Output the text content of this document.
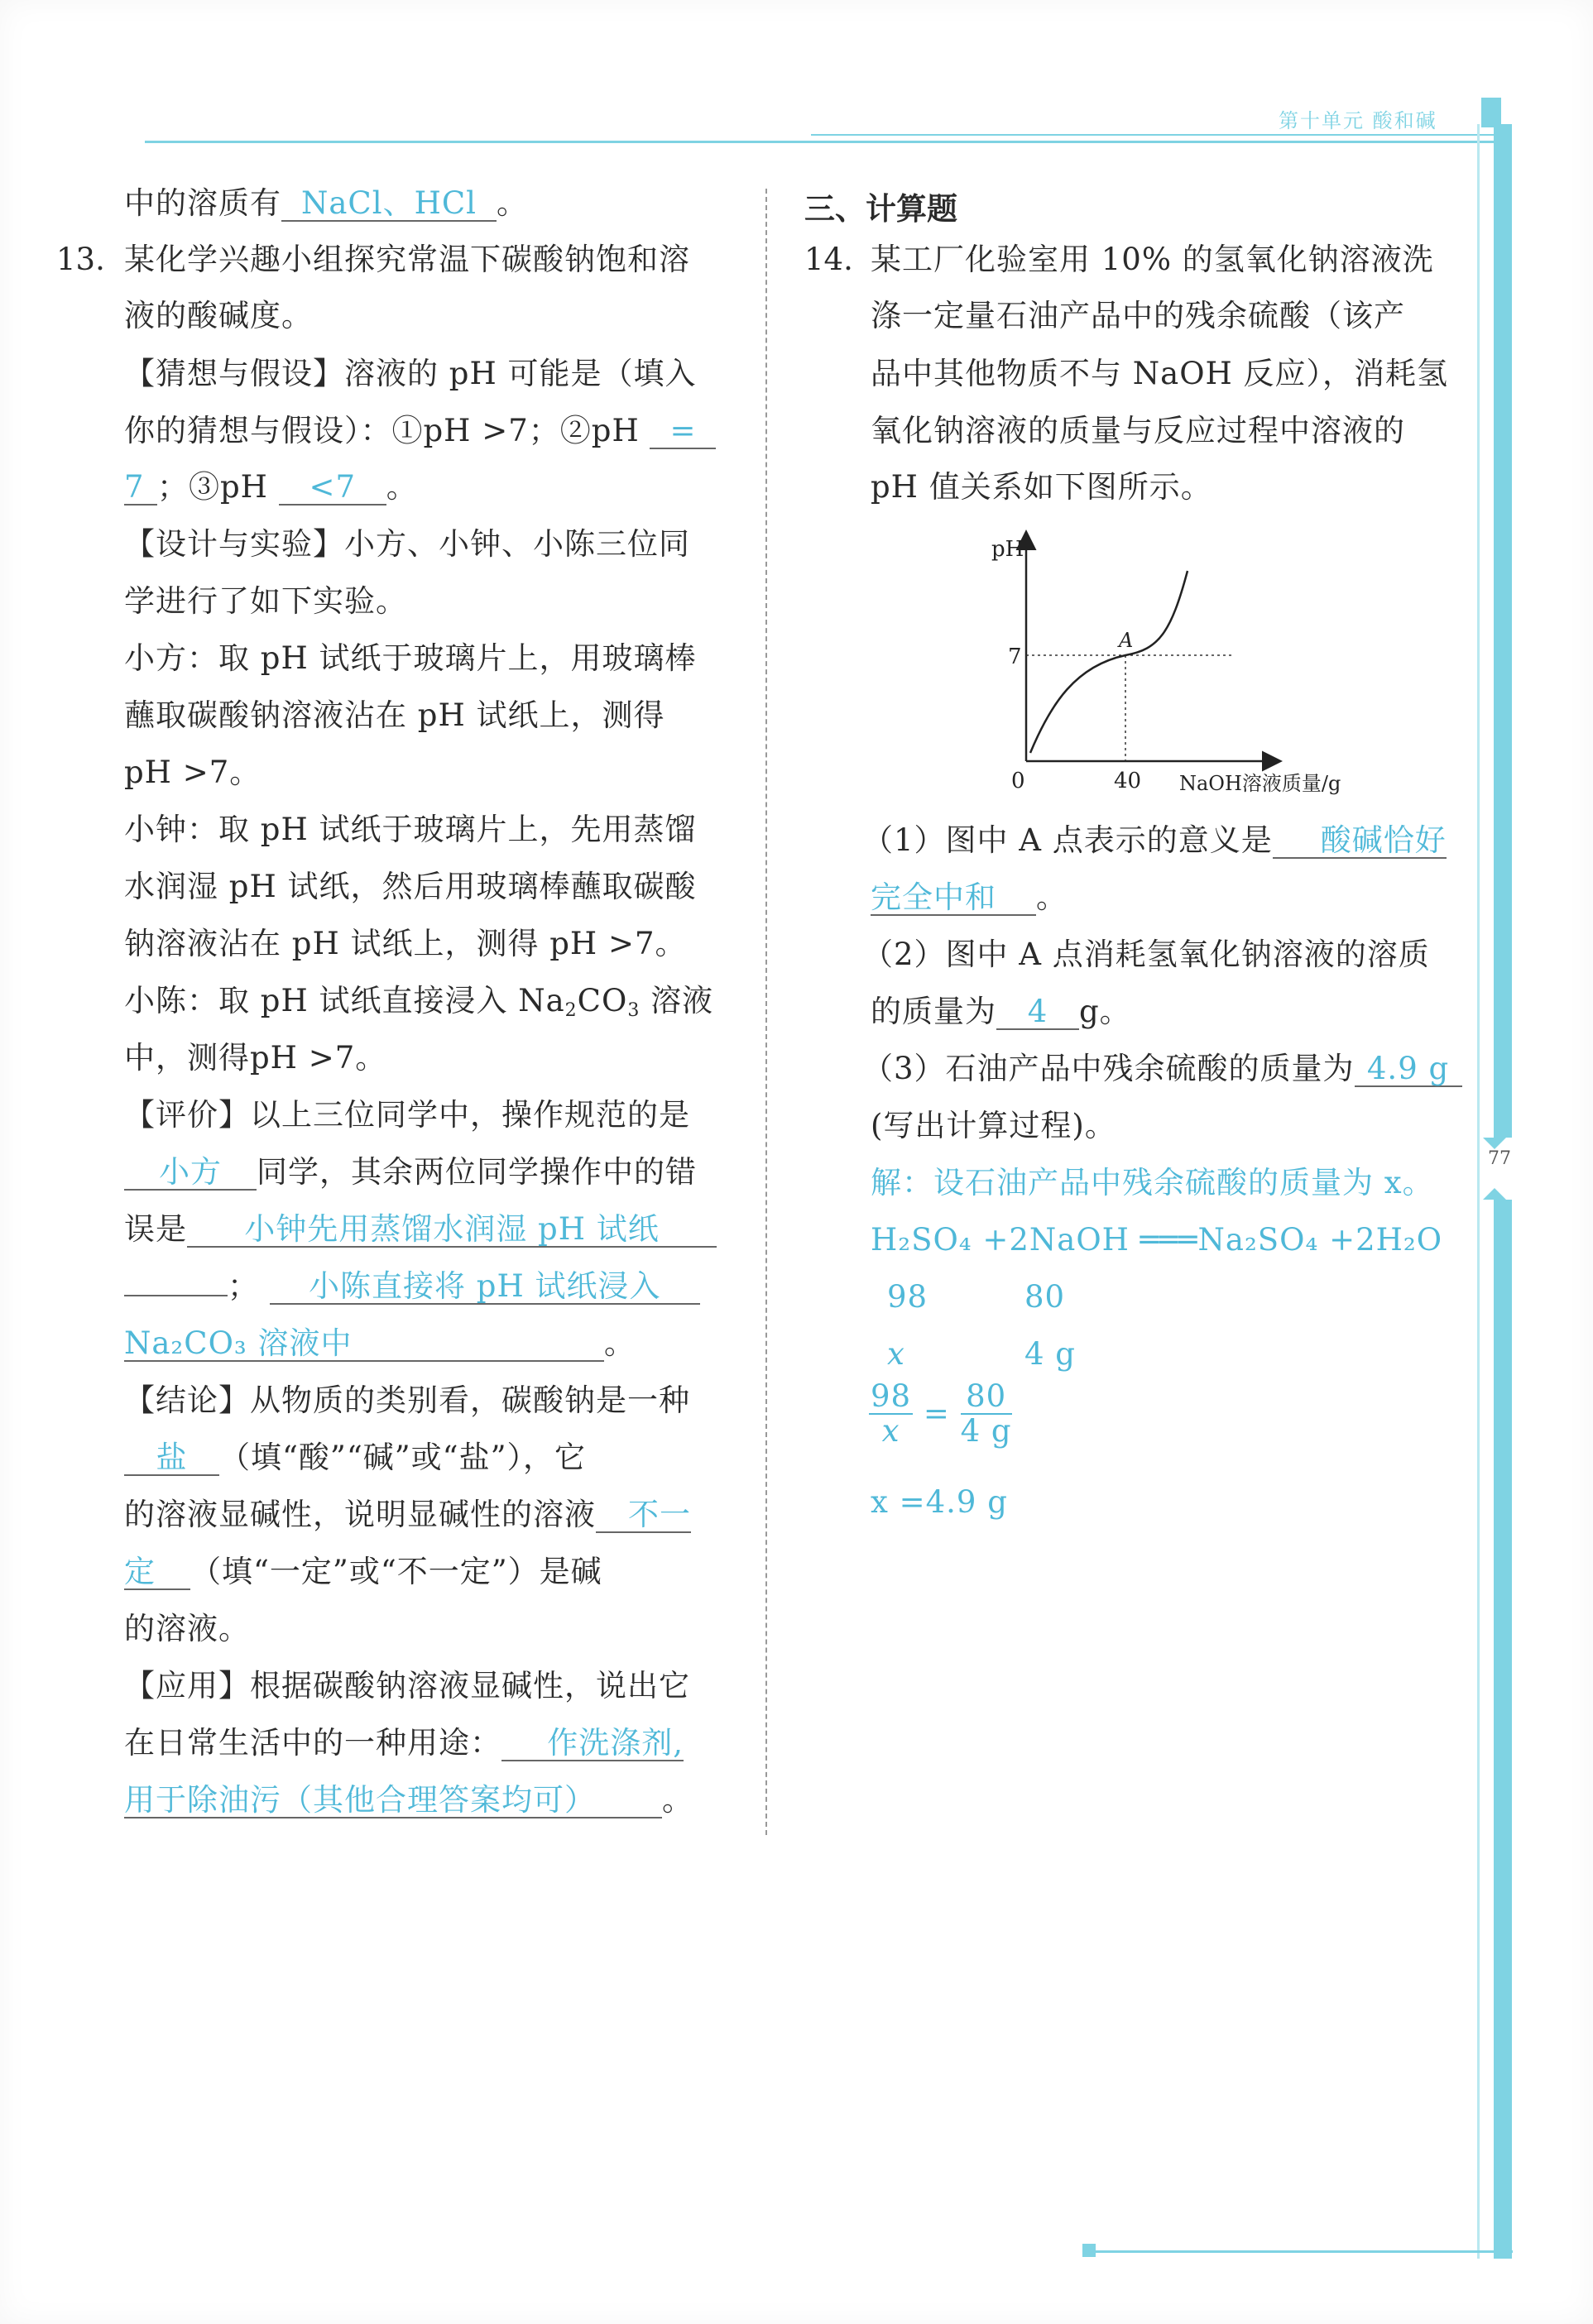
第十单元 酸和碱
77
中的溶质有 NaCl、HCl 。
13. 某化学兴趣小组探究常温下碳酸钠饱和溶
液的酸碱度。
【猜想与假设】溶液的 pH 可能是（填入
你的猜想与假设）：①pH >7；②pH =
7 ；③pH <7 。
【设计与实验】小方、小钟、小陈三位同
学进行了如下实验。
小方：取 pH 试纸于玻璃片上，用玻璃棒
蘸取碳酸钠溶液沾在 pH 试纸上，测得
pH >7。
小钟：取 pH 试纸于玻璃片上，先用蒸馏
水润湿 pH 试纸，然后用玻璃棒蘸取碳酸
钠溶液沾在 pH 试纸上，测得 pH >7。
小陈：取 pH 试纸直接浸入 $Na_2CO_3$ 溶液
中，测得pH >7。
【评价】以上三位同学中，操作规范的是
小方 同学，其余两位同学操作中的错
误是 小钟先用蒸馏水润湿 pH 试纸
； 小陈直接将 pH 试纸浸入
Na₂CO₃ 溶液中	。
【结论】从物质的类别看，碳酸钠是一种
盐 （填“酸”“碱”或“盐”），它
的溶液显碱性，说明显碱性的溶液 不一
定 （填“一定”或“不一定”）是碱
的溶液。
【应用】根据碳酸钠溶液显碱性，说出它
在日常生活中的一种用途： 作洗涤剂,
用于除油污（其他合理答案均可） 。
三、计算题
14. 某工厂化验室用 10% 的氢氧化钠溶液洗
涤一定量石油产品中的残余硫酸（该产
品中其他物质不与 NaOH 反应），消耗氢
氧化钠溶液的质量与反应过程中溶液的
pH 值关系如下图所示。
pH
7
0	40
A
NaOH溶液质量/g
（1）图中 A 点表示的意义是 酸碱恰好
完全中和 。
（2）图中 A 点消耗氢氧化钠溶液的溶质
的质量为 4 g。
（3）石油产品中残余硫酸的质量为 4.9 g
(写出计算过程)。
解：设石油产品中残余硫酸的质量为 x。
H₂SO₄ +2NaOH ═══Na₂SO₄ +2H₂O
98	80
x	4 g
$\frac{98}{x} = \frac{80}{4 g}$
x =4.9 g
